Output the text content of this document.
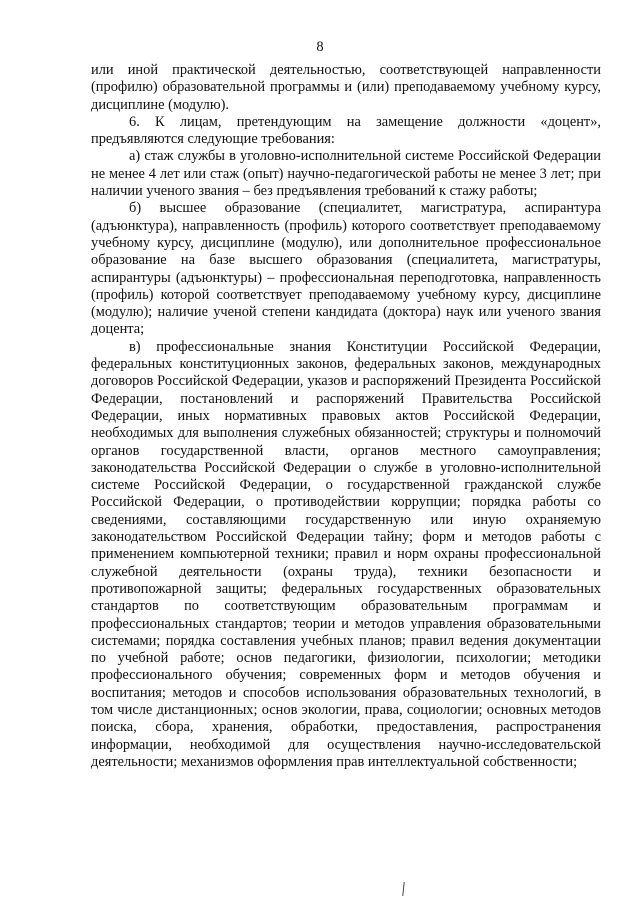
8

или иной практической деятельностью, соответствующей направленности (профилю) образовательной программы и (или) преподаваемому учебному курсу, дисциплине (модулю).

6. К лицам, претендующим на замещение должности «доцент», предъявляются следующие требования:

а) стаж службы в уголовно-исполнительной системе Российской Федерации не менее 4 лет или стаж (опыт) научно-педагогической работы не менее 3 лет; при наличии ученого звания – без предъявления требований к стажу работы;

б) высшее образование (специалитет, магистратура, аспирантура (адъюнктура), направленность (профиль) которого соответствует преподаваемому учебному курсу, дисциплине (модулю), или дополнительное профессиональное образование на базе высшего образования (специалитета, магистратуры, аспирантуры (адъюнктуры) – профессиональная переподготовка, направленность (профиль) которой соответствует преподаваемому учебному курсу, дисциплине (модулю); наличие ученой степени кандидата (доктора) наук или ученого звания доцента;

в) профессиональные знания Конституции Российской Федерации, федеральных конституционных законов, федеральных законов, международных договоров Российской Федерации, указов и распоряжений Президента Российской Федерации, постановлений и распоряжений Правительства Российской Федерации, иных нормативных правовых актов Российской Федерации, необходимых для выполнения служебных обязанностей; структуры и полномочий органов государственной власти, органов местного самоуправления; законодательства Российской Федерации о службе в уголовно-исполнительной системе Российской Федерации, о государственной гражданской службе Российской Федерации, о противодействии коррупции; порядка работы со сведениями, составляющими государственную или иную охраняемую законодательством Российской Федерации тайну; форм и методов работы с применением компьютерной техники; правил и норм охраны профессиональной служебной деятельности (охраны труда), техники безопасности и противопожарной защиты; федеральных государственных образовательных стандартов по соответствующим образовательным программам и профессиональных стандартов; теории и методов управления образовательными системами; порядка составления учебных планов; правил ведения документации по учебной работе; основ педагогики, физиологии, психологии; методики профессионального обучения; современных форм и методов обучения и воспитания; методов и способов использования образовательных технологий, в том числе дистанционных; основ экологии, права, социологии; основных методов поиска, сбора, хранения, обработки, предоставления, распространения информации, необходимой для осуществления научно-исследовательской деятельности; механизмов оформления прав интеллектуальной собственности;
